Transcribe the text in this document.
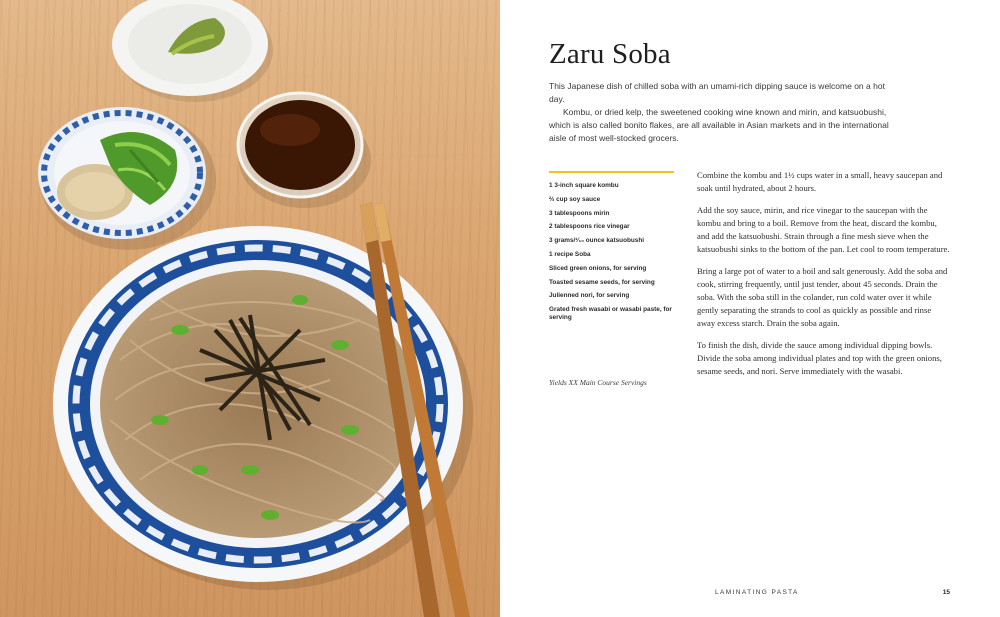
Zaru Soba

This Japanese dish of chilled soba with an umami-rich dipping sauce is welcome on a hot day.

Kombu, or dried kelp, the sweetened cooking wine known and mirin, and katsuobushi, which is also called bonito flakes, are all available in Asian markets and in the international aisle of most well-stocked grocers.

1 3-inch square kombu
⅔ cup soy sauce
3 tablespoons mirin
2 tablespoons rice vinegar
3 grams/¹⁄₁₀ ounce katsuobushi
1 recipe Soba
Sliced green onions, for serving
Toasted sesame seeds, for serving
Julienned nori, for serving
Grated fresh wasabi or wasabi paste, for serving
Yields XX Main Course Servings

Combine the kombu and 1½ cups water in a small, heavy saucepan and soak until hydrated, about 2 hours.

Add the soy sauce, mirin, and rice vinegar to the saucepan with the kombu and bring to a boil. Remove from the heat, discard the kombu, and add the katsuobushi. Strain through a fine mesh sieve when the katsuobushi sinks to the bottom of the pan. Let cool to room temperature.

Bring a large pot of water to a boil and salt generously. Add the soba and cook, stirring frequently, until just tender, about 45 seconds. Drain the soba. With the soba still in the colander, run cold water over it while gently separating the strands to cool as quickly as possible and rinse away excess starch. Drain the soba again.

To finish the dish, divide the sauce among individual dipping bowls. Divide the soba among individual plates and top with the green onions, sesame seeds, and nori. Serve immediately with the wasabi.

LAMINATING PASTA	15
